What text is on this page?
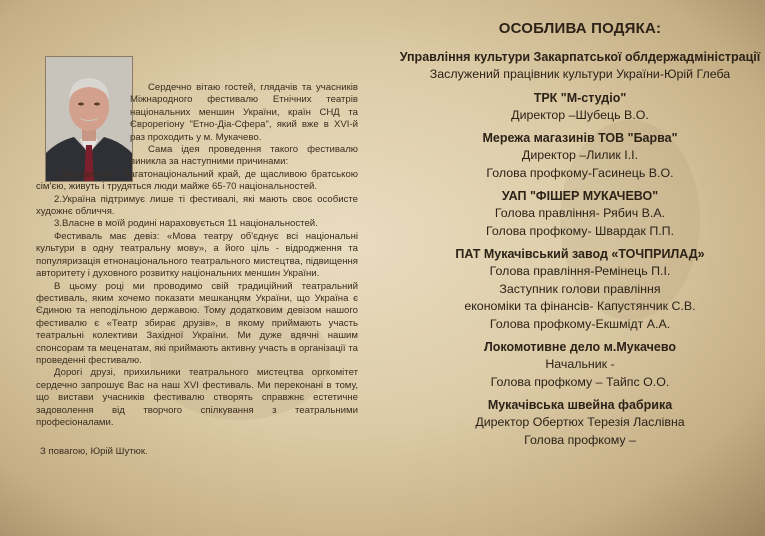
Сердечно вітаю гостей, глядачів та учасників Міжнародного фестивалю Етнічних театрів національних меншин України, країн СНД та Єврорегіону "Етно-Діа-Сфера", який вже в XVI-й раз проходить у м. Мукачево.

Сама ідея проведення такого фестивалю виникла за наступними причинами:

1.Закарпаття - багатонаціональний край, де щасливою братською сім'єю, живуть і трудяться люди майже 65-70 національностей.

2.Україна підтримує лише ті фестивалі, які мають своє особисте художнє обличчя.

3.Власне в моїй родині нараховується 11 національностей.

Фестиваль має девіз: «Мова театру об'єднує всі національні культури в одну театральну мову», а його ціль - відродження та популяризація етнонаціонального театрального мистецтва, підвищення авторитету і духовного розвитку національних меншин України.

В цьому році ми проводимо свій традиційний театральний фестиваль, яким хочемо показати мешканцям України, що Україна є Єдиною та неподільною державою. Тому додатковим девізом нашого фестивалю є «Театр збирає друзів», в якому приймають участь театральні колективи Західної України. Ми дуже вдячні нашим спонсорам та меценатам, які приймають активну участь в організації та проведенні фестивалю.

Дорогі друзі, прихильники театрального мистецтва оргкомітет сердечно запрошує Вас на наш XVI фестиваль. Ми переконані в тому, що вистави учасників фестивалю створять справжнє естетичне задоволення від творчого спілкування з театральними професіоналами.

З повагою, Юрій Шутюк.

ОСОБЛИВА ПОДЯКА:
Управління культури Закарпатської облдержадміністрації
Заслужений працівник культури України-Юрій Глеба
ТРК "М-студіо"
Директор –Шубець В.О.
Мережа магазинів ТОВ "Барва"
Директор –Лилик І.І.
Голова профкому-Гасинець В.О.
УАП "ФІШЕР МУКАЧЕВО"
Голова правління- Рябич В.А.
Голова профкому- Швардак П.П.
ПАТ Мукачівський завод «ТОЧПРИЛАД»
Голова правління-Ремінець П.І.
Заступник голови правління
економіки та фінансів- Капустянчик С.В.
Голова профкому-Екшмідт А.А.
Локомотивне дело м.Мукачево
Начальник -
Голова профкому – Тайпс О.О.
Мукачівська швейна фабрика
Директор Обертюх Терезія Ласлівна
Голова профкому –
